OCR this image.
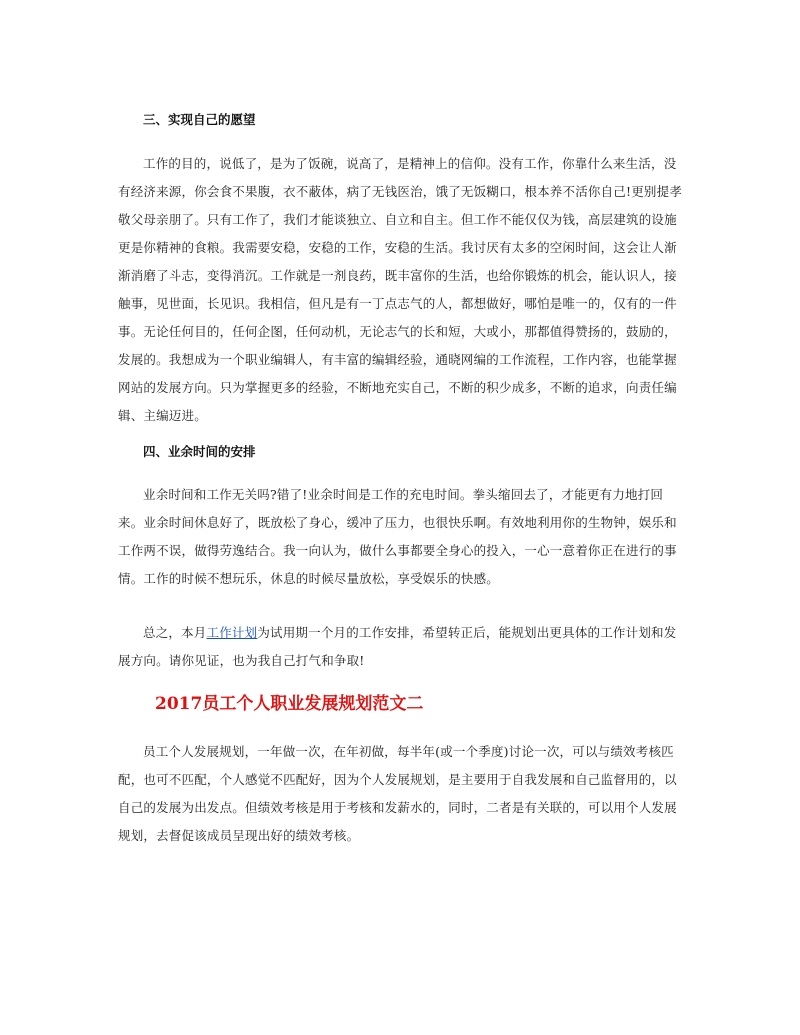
三、实现自己的愿望

工作的目的，说低了，是为了饭碗，说高了，是精神上的信仰。没有工作，你靠什么来生活，没有经济来源，你会食不果腹，衣不蔽体，病了无钱医治，饿了无饭糊口，根本养不活你自己!更别提孝敬父母亲朋了。只有工作了，我们才能谈独立、自立和自主。但工作不能仅仅为钱，高层建筑的设施更是你精神的食粮。我需要安稳，安稳的工作，安稳的生活。我讨厌有太多的空闲时间，这会让人渐渐消磨了斗志，变得消沉。工作就是一剂良药，既丰富你的生活，也给你锻炼的机会，能认识人，接触事，见世面，长见识。我相信，但凡是有一丁点志气的人，都想做好，哪怕是唯一的，仅有的一件事。无论任何目的，任何企图，任何动机，无论志气的长和短，大或小，那都值得赞扬的，鼓励的，发展的。我想成为一个职业编辑人，有丰富的编辑经验，通晓网编的工作流程，工作内容，也能掌握网站的发展方向。只为掌握更多的经验，不断地充实自己，不断的积少成多，不断的追求，向责任编辑、主编迈进。

四、业余时间的安排

业余时间和工作无关吗?错了!业余时间是工作的充电时间。拳头缩回去了，才能更有力地打回来。业余时间休息好了，既放松了身心，缓冲了压力，也很快乐啊。有效地利用你的生物钟，娱乐和工作两不误，做得劳逸结合。我一向认为，做什么事都要全身心的投入，一心一意着你正在进行的事情。工作的时候不想玩乐，休息的时候尽量放松，享受娱乐的快感。

总之，本月工作计划为试用期一个月的工作安排，希望转正后，能规划出更具体的工作计划和发展方向。请你见证，也为我自己打气和争取!

2017员工个人职业发展规划范文二

员工个人发展规划，一年做一次，在年初做，每半年(或一个季度)讨论一次，可以与绩效考核匹配，也可不匹配，个人感觉不匹配好，因为个人发展规划，是主要用于自我发展和自己监督用的，以自己的发展为出发点。但绩效考核是用于考核和发薪水的，同时，二者是有关联的，可以用个人发展规划，去督促该成员呈现出好的绩效考核。
